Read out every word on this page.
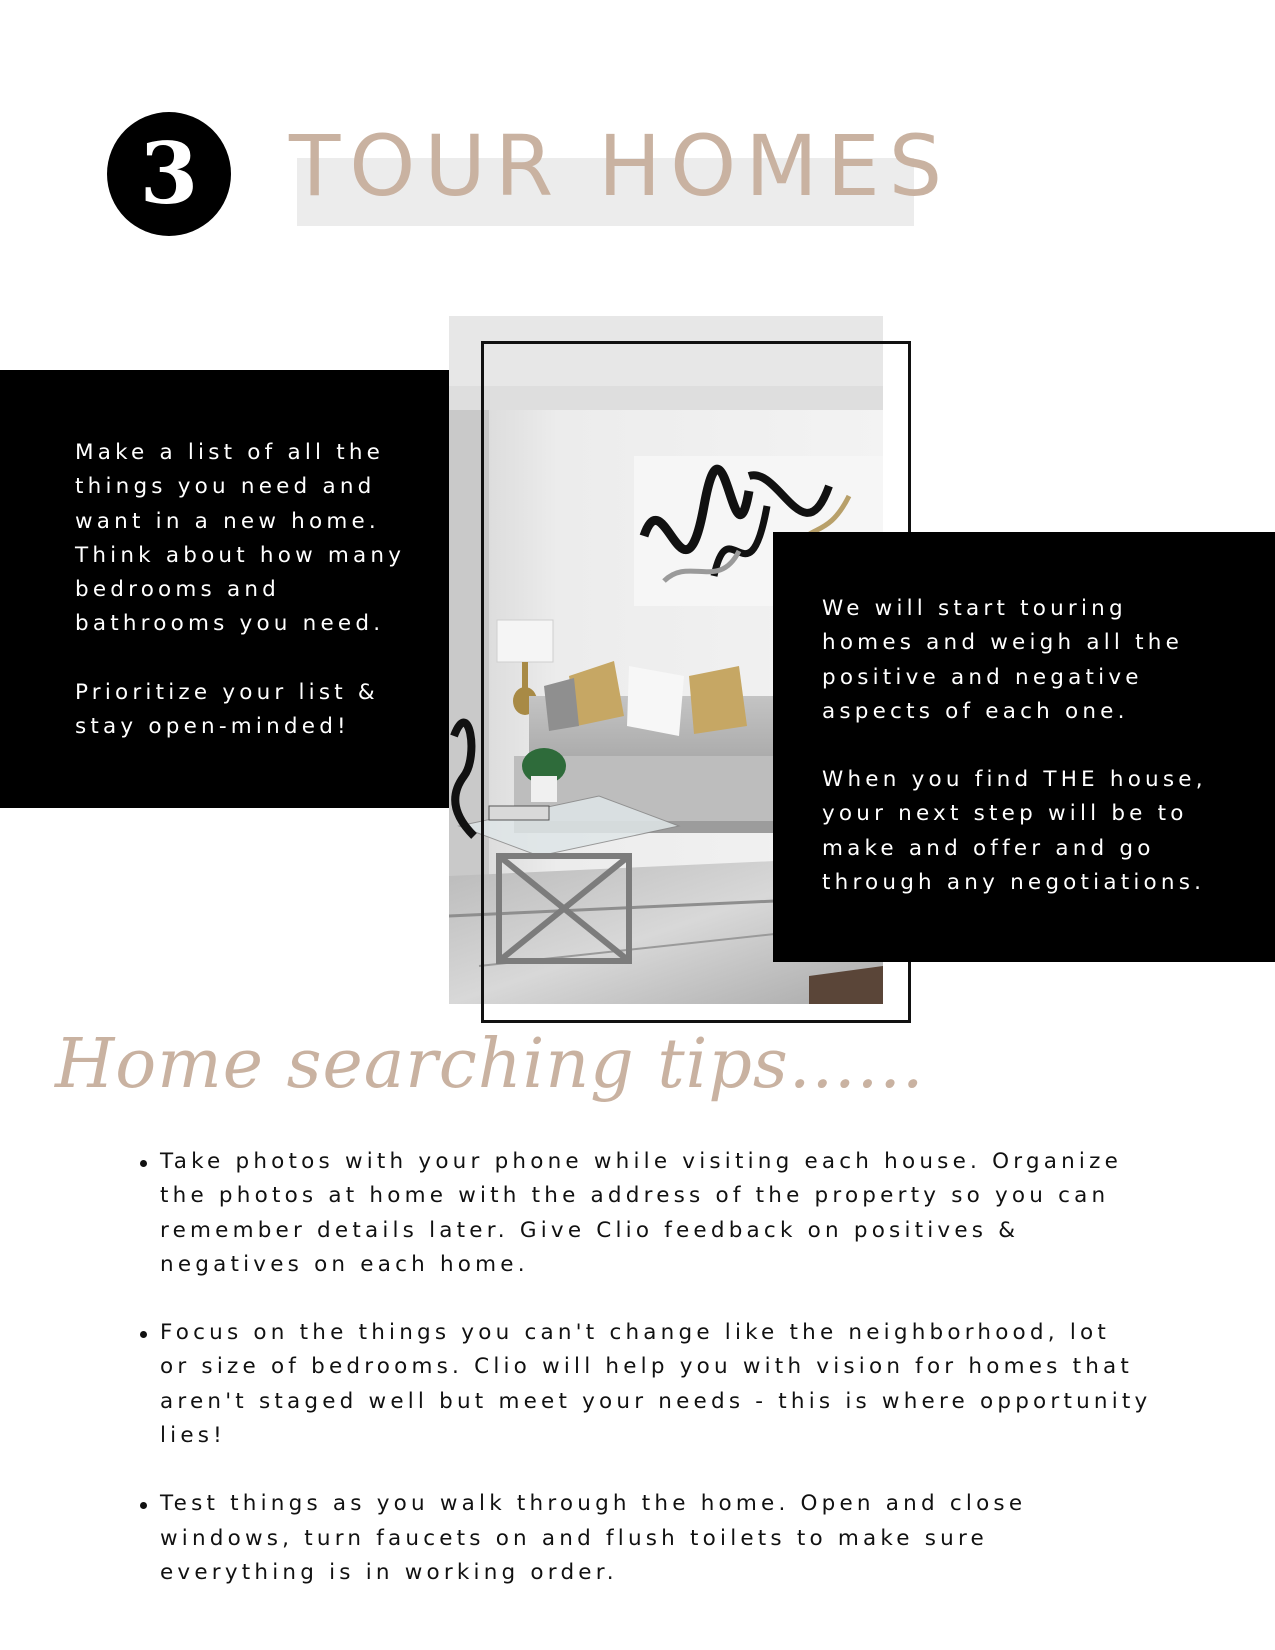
3	TOUR HOMES

Make a list of all the
things you need and
want in a new home.
Think about how many
bedrooms and
bathrooms you need.

Prioritize your list &
stay open-minded!

We will start touring
homes and weigh all the
positive and negative
aspects of each one.

When you find THE house,
your next step will be to
make and offer and go
through any negotiations.

Home searching tips......
Take photos with your phone while visiting each house. Organize
the photos at home with the address of the property so you can
remember details later. Give Clio feedback on positives &
negatives on each home.
Focus on the things you can't change like the neighborhood, lot
or size of bedrooms. Clio will help you with vision for homes that
aren't staged well but meet your needs - this is where opportunity
lies!
Test things as you walk through the home. Open and close
windows, turn faucets on and flush toilets to make sure
everything is in working order.
